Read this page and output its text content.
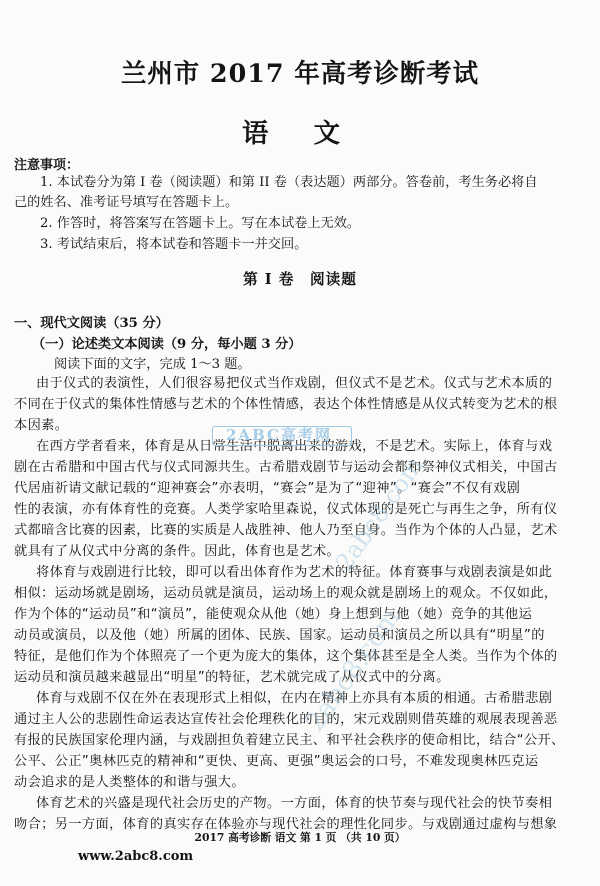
兰州市 2017 年高考诊断考试
语 文
注意事项：
1. 本试卷分为第 I 卷（阅读题）和第 II 卷（表达题）两部分。答卷前，考生务必将自
己的姓名、准考证号填写在答题卡上。
2. 作答时，将答案写在答题卡上。写在本试卷上无效。
3. 考试结束后，将本试卷和答题卡一并交回。
第 I 卷　阅读题
一、现代文阅读（35 分）
（一）论述类文本阅读（9 分，每小题 3 分）
阅读下面的文字，完成 1～3 题。
由于仪式的表演性，人们很容易把仪式当作戏剧，但仪式不是艺术。仪式与艺术本质的
不同在于仪式的集体性情感与艺术的个体性情感，表达个体性情感是从仪式转变为艺术的根
本因素。
在西方学者看来，体育是从日常生活中脱离出来的游戏，不是艺术。实际上，体育与戏
剧在古希腊和中国古代与仪式同源共生。古希腊戏剧节与运动会都和祭神仪式相关，中国古
代居庙祈请文献记载的“迎神赛会”亦表明，“赛会”是为了“迎神”。“赛会”不仅有戏剧
性的表演，亦有体育性的竞赛。人类学家哈里森说，仪式体现的是死亡与再生之争，所有仪
式都暗含比赛的因素，比赛的实质是人战胜神、他人乃至自身。当作为个体的人凸显，艺术
就具有了从仪式中分离的条件。因此，体育也是艺术。
将体育与戏剧进行比较，即可以看出体育作为艺术的特征。体育赛事与戏剧表演是如此
相似：运动场就是剧场，运动员就是演员，运动场上的观众就是剧场上的观众。不仅如此，
作为个体的“运动员”和“演员”，能使观众从他（她）身上想到与他（她）竞争的其他运
动员或演员，以及他（她）所属的团体、民族、国家。运动员和演员之所以具有“明星”的
特征，是他们作为个体照亮了一个更为庞大的集体，这个集体甚至是全人类。当作为个体的
运动员和演员越来越显出“明星”的特征，艺术就完成了从仪式中的分离。
体育与戏剧不仅在外在表现形式上相似，在内在精神上亦具有本质的相通。古希腊悲剧
通过主人公的悲剧性命运表达宣传社会伦理秩化的目的，宋元戏剧则借英雄的观展表现善恶
有报的民族国家伦理内涵，与戏剧担负着建立民主、和平社会秩序的使命相比，结合“公开、
公平、公正”奥林匹克的精神和“更快、更高、更强”奥运会的口号，不难发现奥林匹克运
动会追求的是人类整体的和谐与强大。
体育艺术的兴盛是现代社会历史的产物。一方面，体育的快节奏与现代社会的快节奏相
吻合；另一方面，体育的真实存在体验亦与现代社会的理性化同步。与戏剧通过虚构与想象
2ABC高考网
2abc8.com
2abc8.com
2017 高考诊断 语文 第 1 页 （共 10 页）
www.2abc8.com
